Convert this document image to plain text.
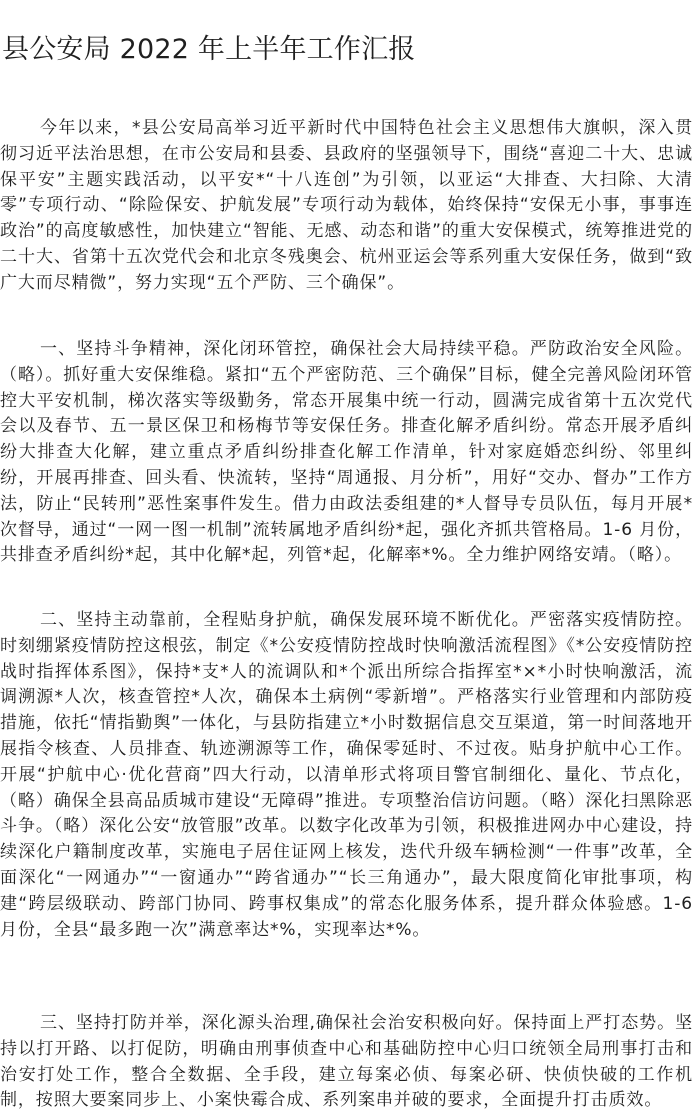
县公安局 2022 年上半年工作汇报

今年以来，*县公安局高举习近平新时代中国特色社会主义思想伟大旗帜，深入贯彻习近平法治思想，在市公安局和县委、县政府的坚强领导下，围绕“喜迎二十大、忠诚保平安”主题实践活动，以平安*“十八连创”为引领，以亚运“大排查、大扫除、大清零”专项行动、“除险保安、护航发展”专项行动为载体，始终保持“安保无小事，事事连政治”的高度敏感性，加快建立“智能、无感、动态和谐”的重大安保模式，统筹推进党的二十大、省第十五次党代会和北京冬残奥会、杭州亚运会等系列重大安保任务，做到“致广大而尽精微”，努力实现“五个严防、三个确保”。

一、坚持斗争精神，深化闭环管控，确保社会大局持续平稳。严防政治安全风险。（略）。抓好重大安保维稳。紧扣“五个严密防范、三个确保”目标，健全完善风险闭环管控大平安机制，梯次落实等级勤务，常态开展集中统一行动，圆满完成省第十五次党代会以及春节、五一景区保卫和杨梅节等安保任务。排查化解矛盾纠纷。常态开展矛盾纠纷大排查大化解，建立重点矛盾纠纷排查化解工作清单，针对家庭婚恋纠纷、邻里纠纷，开展再排查、回头看、快流转，坚持“周通报、月分析”，用好“交办、督办”工作方法，防止“民转刑”恶性案事件发生。借力由政法委组建的*人督导专员队伍，每月开展*次督导，通过“一网一图一机制”流转属地矛盾纠纷*起，强化齐抓共管格局。1-6 月份，共排查矛盾纠纷*起，其中化解*起，列管*起，化解率*%。全力维护网络安靖。（略）。

二、坚持主动靠前，全程贴身护航，确保发展环境不断优化。严密落实疫情防控。时刻绷紧疫情防控这根弦，制定《*公安疫情防控战时快响激活流程图》《*公安疫情防控战时指挥体系图》，保持*支*人的流调队和*个派出所综合指挥室*×*小时快响激活，流调溯源*人次，核查管控*人次，确保本土病例“零新增”。严格落实行业管理和内部防疫措施，依托“情指勤舆”一体化，与县防指建立*小时数据信息交互渠道，第一时间落地开展指令核查、人员排查、轨迹溯源等工作，确保零延时、不过夜。贴身护航中心工作。开展“护航中心·优化营商”四大行动，以清单形式将项目警官制细化、量化、节点化，（略）确保全县高品质城市建设“无障碍”推进。专项整治信访问题。（略）深化扫黑除恶斗争。（略）深化公安“放管服”改革。以数字化改革为引领，积极推进网办中心建设，持续深化户籍制度改革，实施电子居住证网上核发，迭代升级车辆检测“一件事”改革，全面深化“一网通办”“一窗通办”“跨省通办”“长三角通办”，最大限度简化审批事项，构建“跨层级联动、跨部门协同、跨事权集成”的常态化服务体系，提升群众体验感。1-6 月份，全县“最多跑一次”满意率达*%，实现率达*%。

三、坚持打防并举，深化源头治理,确保社会治安积极向好。保持面上严打态势。坚持以打开路、以打促防，明确由刑事侦查中心和基础防控中心归口统领全局刑事打击和治安打处工作，整合全数据、全手段，建立每案必侦、每案必研、快侦快破的工作机制，按照大要案同步上、小案快霉合成、系列案串并破的要求，全面提升打击质效。
